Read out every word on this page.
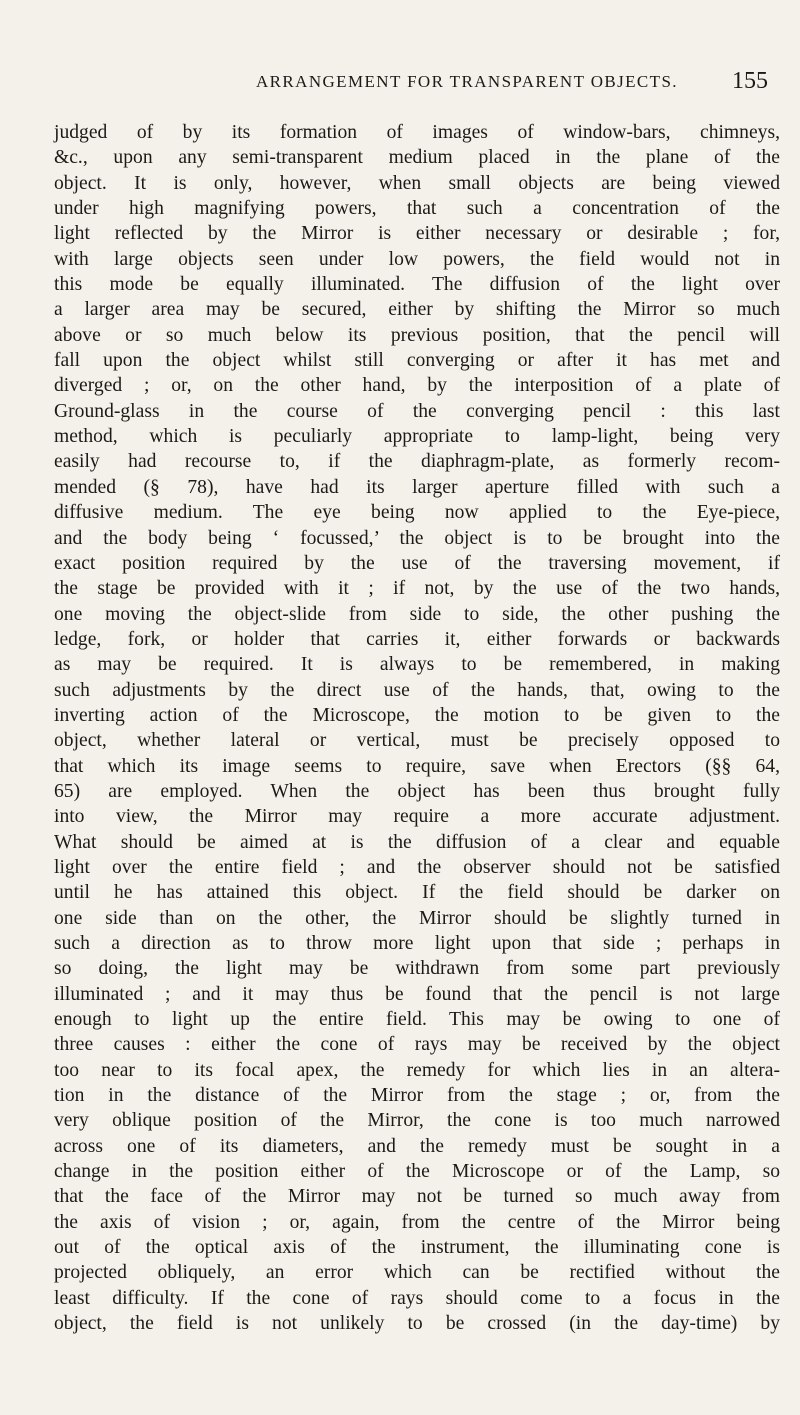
ARRANGEMENT FOR TRANSPARENT OBJECTS. 155
judged of by its formation of images of window-bars, chimneys,
&c., upon any semi-transparent medium placed in the plane of the
object. It is only, however, when small objects are being viewed
under high magnifying powers, that such a concentration of the
light reflected by the Mirror is either necessary or desirable ; for,
with large objects seen under low powers, the field would not in
this mode be equally illuminated. The diffusion of the light over
a larger area may be secured, either by shifting the Mirror so much
above or so much below its previous position, that the pencil will
fall upon the object whilst still converging or after it has met and
diverged ; or, on the other hand, by the interposition of a plate of
Ground-glass in the course of the converging pencil : this last
method, which is peculiarly appropriate to lamp-light, being very
easily had recourse to, if the diaphragm-plate, as formerly recom-
mended (§ 78), have had its larger aperture filled with such a
diffusive medium. The eye being now applied to the Eye-piece,
and the body being ‘ focussed,’ the object is to be brought into the
exact position required by the use of the traversing movement, if
the stage be provided with it ; if not, by the use of the two hands,
one moving the object-slide from side to side, the other pushing the
ledge, fork, or holder that carries it, either forwards or backwards
as may be required. It is always to be remembered, in making
such adjustments by the direct use of the hands, that, owing to the
inverting action of the Microscope, the motion to be given to the
object, whether lateral or vertical, must be precisely opposed to
that which its image seems to require, save when Erectors (§§ 64,
65) are employed. When the object has been thus brought fully
into view, the Mirror may require a more accurate adjustment.
What should be aimed at is the diffusion of a clear and equable
light over the entire field ; and the observer should not be satisfied
until he has attained this object. If the field should be darker on
one side than on the other, the Mirror should be slightly turned in
such a direction as to throw more light upon that side ; perhaps in
so doing, the light may be withdrawn from some part previously
illuminated ; and it may thus be found that the pencil is not large
enough to light up the entire field. This may be owing to one of
three causes : either the cone of rays may be received by the object
too near to its focal apex, the remedy for which lies in an altera-
tion in the distance of the Mirror from the stage ; or, from the
very oblique position of the Mirror, the cone is too much narrowed
across one of its diameters, and the remedy must be sought in a
change in the position either of the Microscope or of the Lamp, so
that the face of the Mirror may not be turned so much away from
the axis of vision ; or, again, from the centre of the Mirror being
out of the optical axis of the instrument, the illuminating cone is
projected obliquely, an error which can be rectified without the
least difficulty. If the cone of rays should come to a focus in the
object, the field is not unlikely to be crossed (in the day-time) by
